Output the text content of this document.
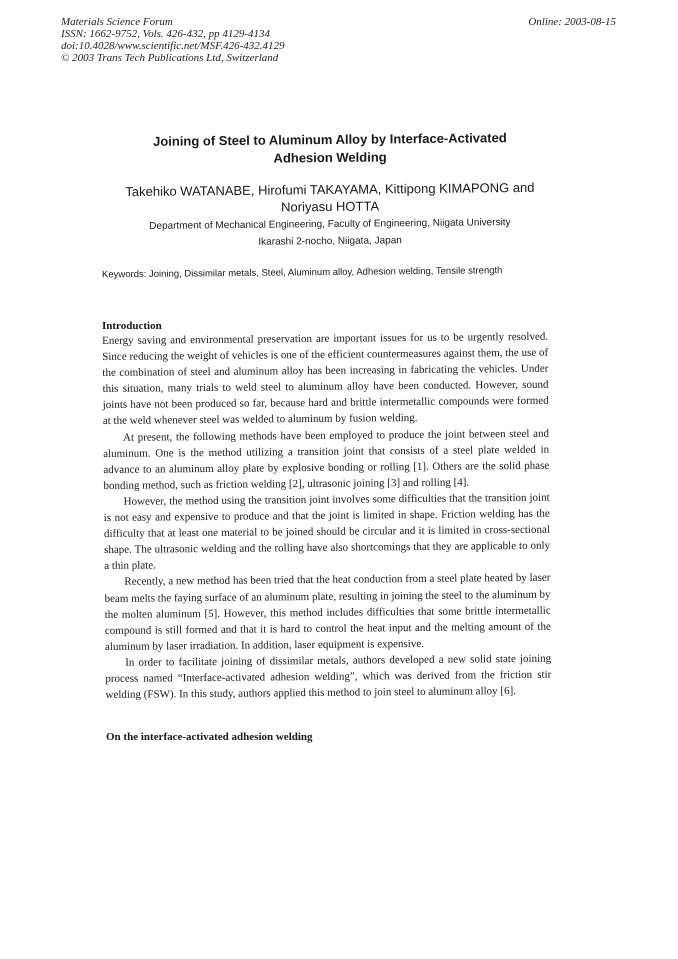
Materials Science Forum
ISSN: 1662-9752, Vols. 426-432, pp 4129-4134
doi:10.4028/www.scientific.net/MSF.426-432.4129
© 2003 Trans Tech Publications Ltd, Switzerland
Online: 2003-08-15
Joining of Steel to Aluminum Alloy by Interface-Activated
Adhesion Welding
Takehiko WATANABE, Hirofumi TAKAYAMA, Kittipong KIMAPONG and
Noriyasu HOTTA
Department of Mechanical Engineering, Faculty of Engineering, Niigata University
Ikarashi 2-nocho, Niigata, Japan
Keywords: Joining, Dissimilar metals, Steel, Aluminum alloy, Adhesion welding, Tensile strength
Introduction

Energy saving and environmental preservation are important issues for us to be urgently resolved. Since reducing the weight of vehicles is one of the efficient countermeasures against them, the use of the combination of steel and aluminum alloy has been increasing in fabricating the vehicles. Under this situation, many trials to weld steel to aluminum alloy have been conducted. However, sound joints have not been produced so far, because hard and brittle intermetallic compounds were formed at the weld whenever steel was welded to aluminum by fusion welding.

At present, the following methods have been employed to produce the joint between steel and aluminum. One is the method utilizing a transition joint that consists of a steel plate welded in advance to an aluminum alloy plate by explosive bonding or rolling [1]. Others are the solid phase bonding method, such as friction welding [2], ultrasonic joining [3] and rolling [4].

However, the method using the transition joint involves some difficulties that the transition joint is not easy and expensive to produce and that the joint is limited in shape. Friction welding has the difficulty that at least one material to be joined should be circular and it is limited in cross-sectional shape. The ultrasonic welding and the rolling have also shortcomings that they are applicable to only a thin plate.

Recently, a new method has been tried that the heat conduction from a steel plate heated by laser beam melts the faying surface of an aluminum plate, resulting in joining the steel to the aluminum by the molten aluminum [5]. However, this method includes difficulties that some brittle intermetallic compound is still formed and that it is hard to control the heat input and the melting amount of the aluminum by laser irradiation. In addition, laser equipment is expensive.

In order to facilitate joining of dissimilar metals, authors developed a new solid state joining process named “Interface-activated adhesion welding”, which was derived from the friction stir welding (FSW). In this study, authors applied this method to join steel to aluminum alloy [6].

On the interface-activated adhesion welding
